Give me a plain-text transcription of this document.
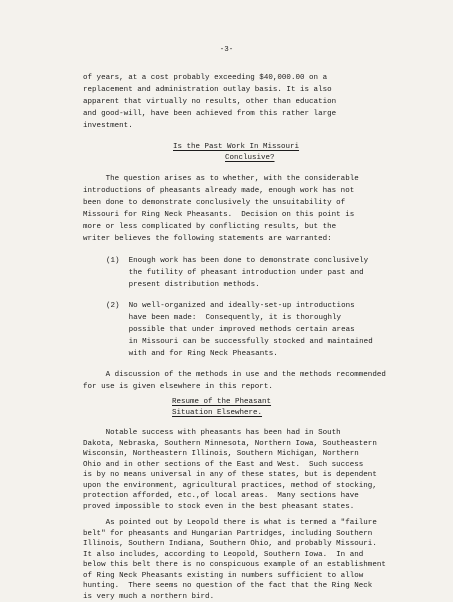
-3-
of years, at a cost probably exceeding $40,000.00 on a
replacement and administration outlay basis. It is also
apparent that virtually no results, other than education
and good-will, have been achieved from this rather large
investment.
Is the Past Work In Missouri
Conclusive?
The question arises as to whether, with the considerable
introductions of pheasants already made, enough work has not
been done to demonstrate conclusively the unsuitability of
Missouri for Ring Neck Pheasants.  Decision on this point is
more or less complicated by conflicting results, but the
writer believes the following statements are warranted:
(1)  Enough work has been done to demonstrate conclusively
the futility of pheasant introduction under past and
present distribution methods.
(2)  No well-organized and ideally-set-up introductions
have been made:  Consequently, it is thoroughly
possible that under improved methods certain areas
in Missouri can be successfully stocked and maintained
with and for Ring Neck Pheasants.
A discussion of the methods in use and the methods recommended
for use is given elsewhere in this report.
Resume of the Pheasant
Situation Elsewhere.
Notable success with pheasants has been had in South
Dakota, Nebraska, Southern Minnesota, Northern Iowa, Southeastern
Wisconsin, Northeastern Illinois, Southern Michigan, Northern
Ohio and in other sections of the East and West.  Such success
is by no means universal in any of these states, but is dependent
upon the environment, agricultural practices, method of stocking,
protection afforded, etc.,of local areas.  Many sections have
proved impossible to stock even in the best pheasant states.
As pointed out by Leopold there is what is termed a "failure
belt" for pheasants and Hungarian Partridges, including Southern
Illinois, Southern Indiana, Southern Ohio, and probably Missouri.
It also includes, according to Leopold, Southern Iowa.  In and
below this belt there is no conspicuous example of an establishment
of Ring Neck Pheasants existing in numbers sufficient to allow
hunting.  There seems no question of the fact that the Ring Neck
is very much a northern bird.
